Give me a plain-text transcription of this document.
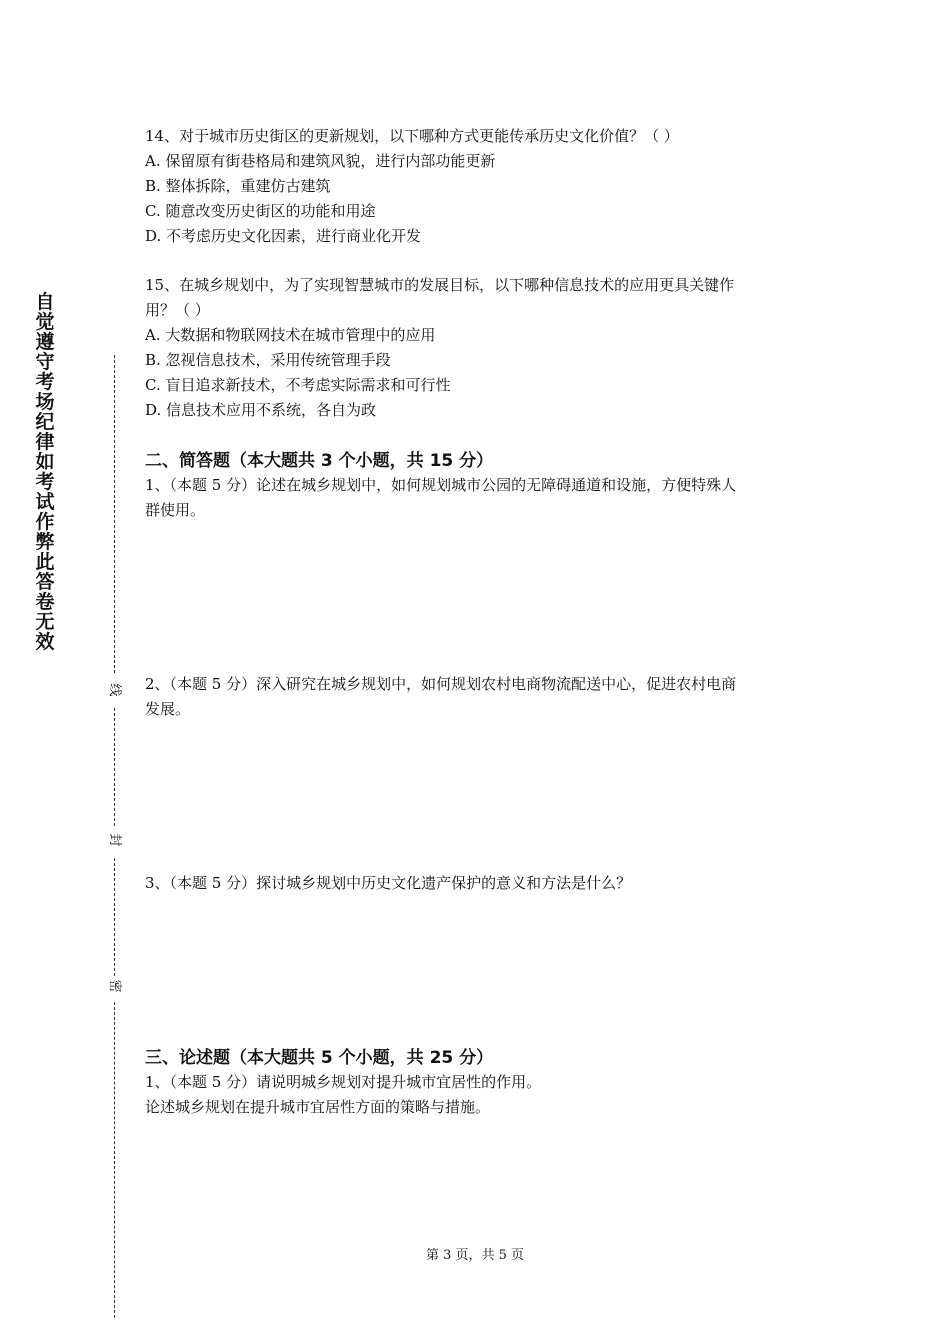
自
觉
遵
守
考
场
纪
律
如
考
试
作
弊
此
答
卷
无
效
线
封
密

14、对于城市历史街区的更新规划，以下哪种方式更能传承历史文化价值？（ ）

A. 保留原有街巷格局和建筑风貌，进行内部功能更新

B. 整体拆除，重建仿古建筑

C. 随意改变历史街区的功能和用途

D. 不考虑历史文化因素，进行商业化开发

15、在城乡规划中，为了实现智慧城市的发展目标，以下哪种信息技术的应用更具关键作

用？（ ）

A. 大数据和物联网技术在城市管理中的应用

B. 忽视信息技术，采用传统管理手段

C. 盲目追求新技术，不考虑实际需求和可行性

D. 信息技术应用不系统，各自为政

二、简答题（本大题共 3 个小题，共 15 分）

1、（本题 5 分）论述在城乡规划中，如何规划城市公园的无障碍通道和设施，方便特殊人

群使用。

2、（本题 5 分）深入研究在城乡规划中，如何规划农村电商物流配送中心，促进农村电商

发展。

3、（本题 5 分）探讨城乡规划中历史文化遗产保护的意义和方法是什么？

三、论述题（本大题共 5 个小题，共 25 分）

1、（本题 5 分）请说明城乡规划对提升城市宜居性的作用。

论述城乡规划在提升城市宜居性方面的策略与措施。

第 3 页，共 5 页
